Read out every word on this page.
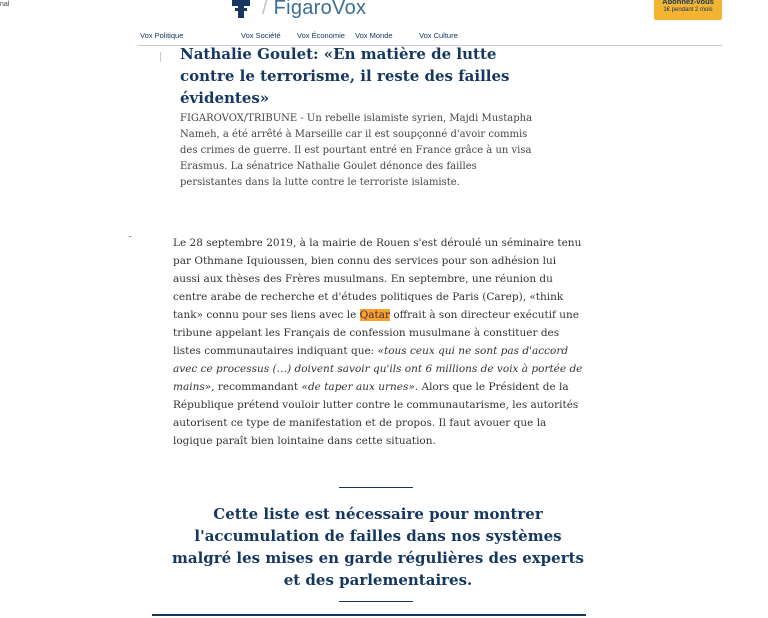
nal	/ FigaroVox	Abonnez-vous
1€ pendant 2 mois
Vox Politique	Vox Société Vox Économie Vox Monde	Vox Culture
Nathalie Goulet: «En matière de lutte contre le terrorisme, il reste des failles évidentes»

FIGAROVOX/TRIBUNE - Un rebelle islamiste syrien, Majdi Mustapha Nameh, a été arrêté à Marseille car il est soupçonné d'avoir commis des crimes de guerre. Il est pourtant entré en France grâce à un visa Erasmus. La sénatrice Nathalie Goulet dénonce des failles persistantes dans la lutte contre le terroriste islamiste.

Le 28 septembre 2019, à la mairie de Rouen s'est déroulé un séminaire tenu par Othmane Iquioussen, bien connu des services pour son adhésion lui aussi aux thèses des Frères musulmans. En septembre, une réunion du centre arabe de recherche et d'études politiques de Paris (Carep), «think tank» connu pour ses liens avec le Qatar offrait à son directeur exécutif une tribune appelant les Français de confession musulmane à constituer des listes communautaires indiquant que: «tous ceux qui ne sont pas d'accord avec ce processus (…) doivent savoir qu'ils ont 6 millions de voix à portée de mains», recommandant «de taper aux urnes». Alors que le Président de la République prétend vouloir lutter contre le communautarisme, les autorités autorisent ce type de manifestation et de propos. Il faut avouer que la logique paraît bien lointaine dans cette situation.

Cette liste est nécessaire pour montrer l'accumulation de failles dans nos systèmes malgré les mises en garde régulières des experts et des parlementaires.
